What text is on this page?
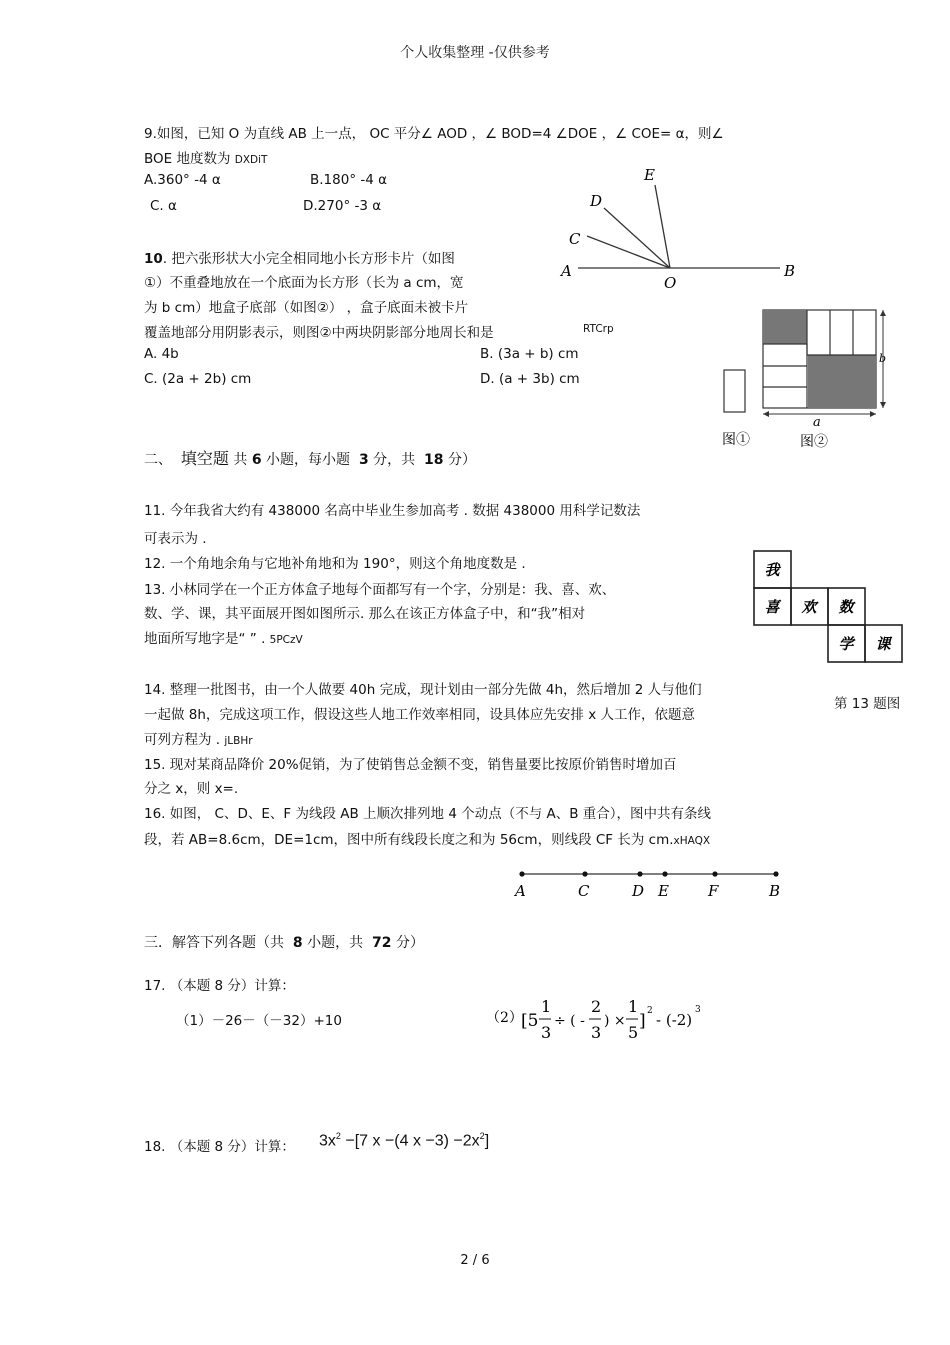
个人收集整理 -仅供参考
9.如图，已知 O 为直线 AB 上一点， OC 平分∠ AOD ，∠ BOD=4 ∠DOE ，∠ COE= α，则∠
BOE 地度数为 DXDiT
A.360° -4 α	B.180° -4 α
C. α	D.270° -3 α
E
D
C
A
O
B
10. 把六张形状大小完全相同地小长方形卡片（如图
①）不重叠地放在一个底面为长方形（长为 a cm，宽
为 b cm）地盒子底部（如图②） ，盒子底面未被卡片
覆盖地部分用阴影表示，则图②中两块阴影部分地周长和是	RTCrp
A. 4b	B. (3a + b) cm
C. (2a + 2b) cm	D. (a + 3b) cm
a
b
图①	图②
二、 填空题 共 6 小题，每小题 3 分，共 18 分）
11. 今年我省大约有 438000 名高中毕业生参加高考 . 数据 438000 用科学记数法
可表示为 .
12. 一个角地余角与它地补角地和为 190°，则这个角地度数是 .
13. 小林同学在一个正方体盒子地每个面都写有一个字，分别是：我、喜、欢、
数、学、课，其平面展开图如图所示. 那么在该正方体盒子中，和“我”相对
地面所写地字是“ ” . 5PCzV
我
喜 欢 数
学 课
第 13 题图
14. 整理一批图书，由一个人做要 40h 完成，现计划由一部分先做 4h，然后增加 2 人与他们
一起做 8h，完成这项工作，假设这些人地工作效率相同，设具体应先安排 x 人工作，依题意
可列方程为 . jLBHr
15. 现对某商品降价 20%促销，为了使销售总金额不变，销售量要比按原价销售时增加百
分之 x，则 x=.
16. 如图， C、D、E、F 为线段 AB 上顺次排列地 4 个动点（不与 A、B 重合），图中共有条线
段，若 AB=8.6cm，DE=1cm，图中所有线段长度之和为 56cm，则线段 CF 长为 cm.xHAQX
A	C	D E	F	B
三．解答下列各题（共 8 小题，共 72 分）
17. （本题 8 分）计算：
（1）－26－（－32）+10	（2）
[5
1
3
÷ ( -
2
3
) ×
1
5
] 2 - (-2)
3
18. （本题 8 分）计算： $3x^2 -[7$ x −(4 $x -3) -2x^2$]
2 / 6
